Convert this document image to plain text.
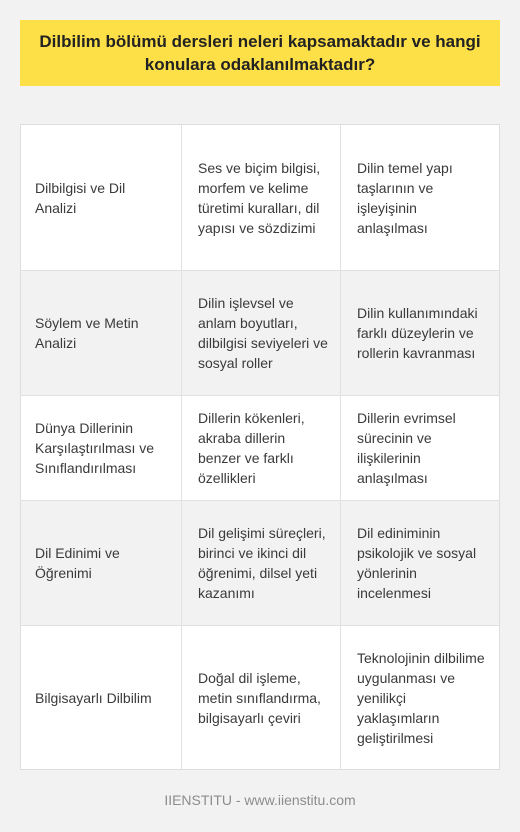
Dilbilim bölümü dersleri neleri kapsamaktadır ve hangi konulara odaklanılmaktadır?
Dilbilgisi ve Dil Analizi
Ses ve biçim bilgisi, morfem ve kelime türetimi kuralları, dil yapısı ve sözdizimi
Dilin temel yapı taşlarının ve işleyişinin anlaşılması
Söylem ve Metin Analizi
Dilin işlevsel ve anlam boyutları, dilbilgisi seviyeleri ve sosyal roller
Dilin kullanımındaki farklı düzeylerin ve rollerin kavranması
Dünya Dillerinin Karşılaştırılması ve Sınıflandırılması
Dillerin kökenleri, akraba dillerin benzer ve farklı özellikleri
Dillerin evrimsel sürecinin ve ilişkilerinin anlaşılması
Dil Edinimi ve Öğrenimi
Dil gelişimi süreçleri, birinci ve ikinci dil öğrenimi, dilsel yeti kazanımı
Dil ediniminin psikolojik ve sosyal yönlerinin incelenmesi
Bilgisayarlı Dilbilim
Doğal dil işleme, metin sınıflandırma, bilgisayarlı çeviri
Teknolojinin dilbilime uygulanması ve yenilikçi yaklaşımların geliştirilmesi
IIENSTITU - www.iienstitu.com
